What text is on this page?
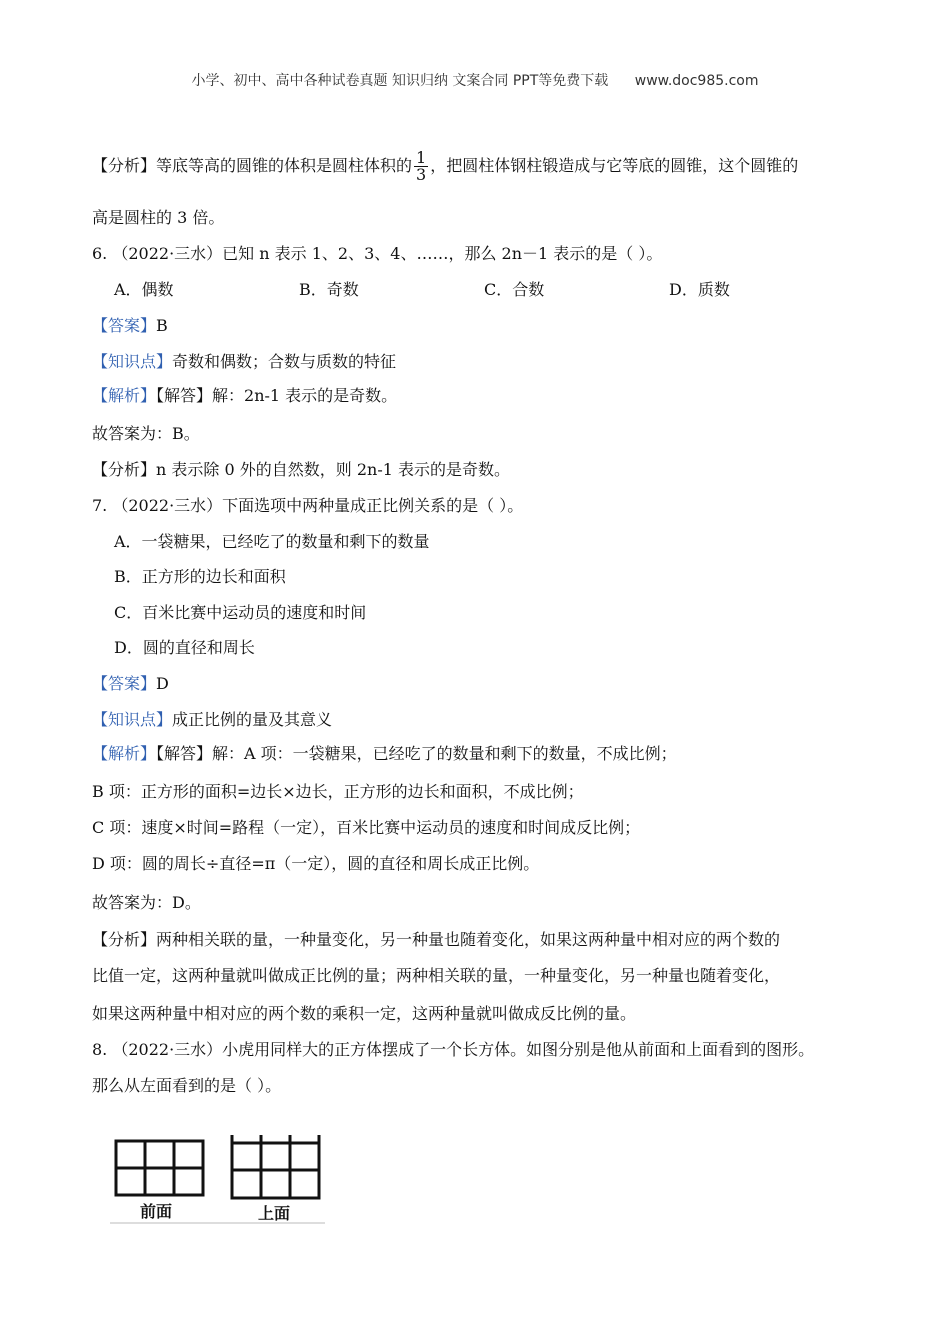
小学、初中、高中各种试卷真题 知识归纳 文案合同 PPT等免费下载 www.doc985.com
【分析】等底等高的圆锥的体积是圆柱体积的 $\frac{1}{3}$ ，把圆柱体钢柱锻造成与它等底的圆锥，这个圆锥的
高是圆柱的 3 倍。
6. （2022·三水）已知 n 表示 1、2、3、4、……，那么 2n－1 表示的是（ ）。
A．偶数	B．奇数	C．合数	D．质数
【答案】B
【知识点】奇数和偶数；合数与质数的特征
【解析】【解答】解：2n-1 表示的是奇数。
故答案为：B。
【分析】n 表示除 0 外的自然数，则 2n-1 表示的是奇数。
7. （2022·三水）下面选项中两种量成正比例关系的是（ ）。
A．一袋糖果，已经吃了的数量和剩下的数量
B．正方形的边长和面积
C．百米比赛中运动员的速度和时间
D．圆的直径和周长
【答案】D
【知识点】成正比例的量及其意义
【解析】【解答】解：A 项：一袋糖果，已经吃了的数量和剩下的数量，不成比例；
B 项：正方形的面积=边长×边长，正方形的边长和面积，不成比例；
C 项：速度×时间=路程（一定），百米比赛中运动员的速度和时间成反比例；
D 项：圆的周长÷直径=π（一定），圆的直径和周长成正比例。
故答案为：D。
【分析】两种相关联的量，一种量变化，另一种量也随着变化，如果这两种量中相对应的两个数的
比值一定，这两种量就叫做成正比例的量；两种相关联的量，一种量变化，另一种量也随着变化，
如果这两种量中相对应的两个数的乘积一定，这两种量就叫做成反比例的量。
8. （2022·三水）小虎用同样大的正方体摆成了一个长方体。如图分别是他从前面和上面看到的图形。
那么从左面看到的是（ ）。
前面	上面
